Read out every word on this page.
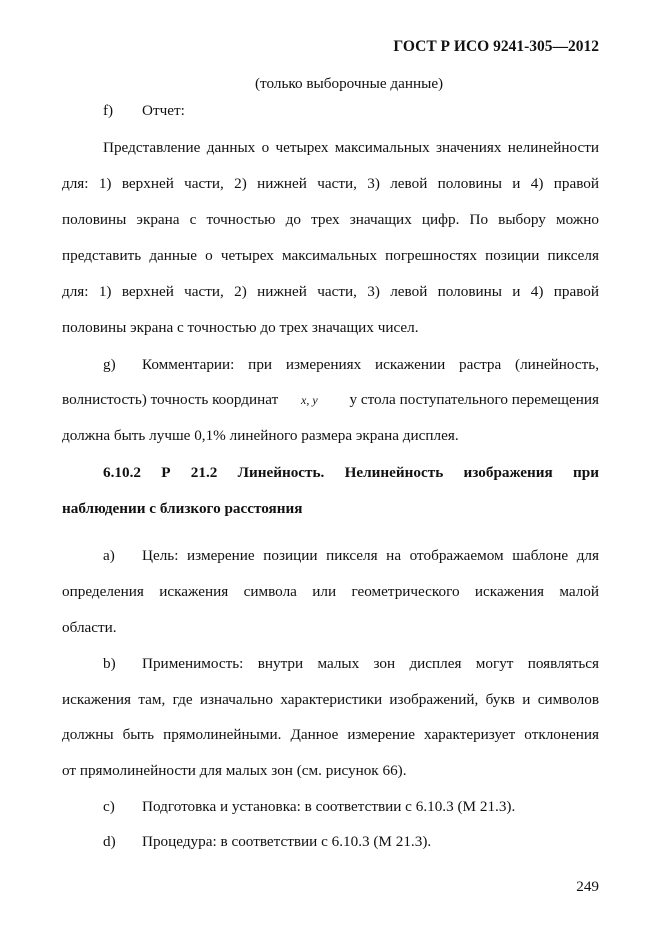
ГОСТ Р ИСО 9241-305—2012
(только выборочные данные)
f) Отчет:
Представление данных о четырех максимальных значениях нелинейности
для: 1) верхней части, 2) нижней части, 3) левой половины и 4) правой
половины экрана с точностью до трех значащих цифр. По выбору можно
представить данные о четырех максимальных погрешностях позиции пикселя
для: 1) верхней части, 2) нижней части, 3) левой половины и 4) правой
половины экрана с точностью до трех значащих чисел.
g) Комментарии: при измерениях искажении растра (линейность,
волнистость) точность координат x, y	у стола поступательного перемещения
должна быть лучше 0,1% линейного размера экрана дисплея.
6.10.2 Р 21.2 Линейность. Нелинейность изображения при
наблюдении с близкого расстояния
a) Цель: измерение позиции пикселя на отображаемом шаблоне для
определения искажения символа или геометрического искажения малой
области.
b) Применимость: внутри малых зон дисплея могут появляться
искажения там, где изначально характеристики изображений, букв и символов
должны быть прямолинейными. Данное измерение характеризует отклонения
от прямолинейности для малых зон (см. рисунок 66).
c) Подготовка и установка: в соответствии с 6.10.3 (М 21.3).
d) Процедура: в соответствии с 6.10.3 (М 21.3).
249
